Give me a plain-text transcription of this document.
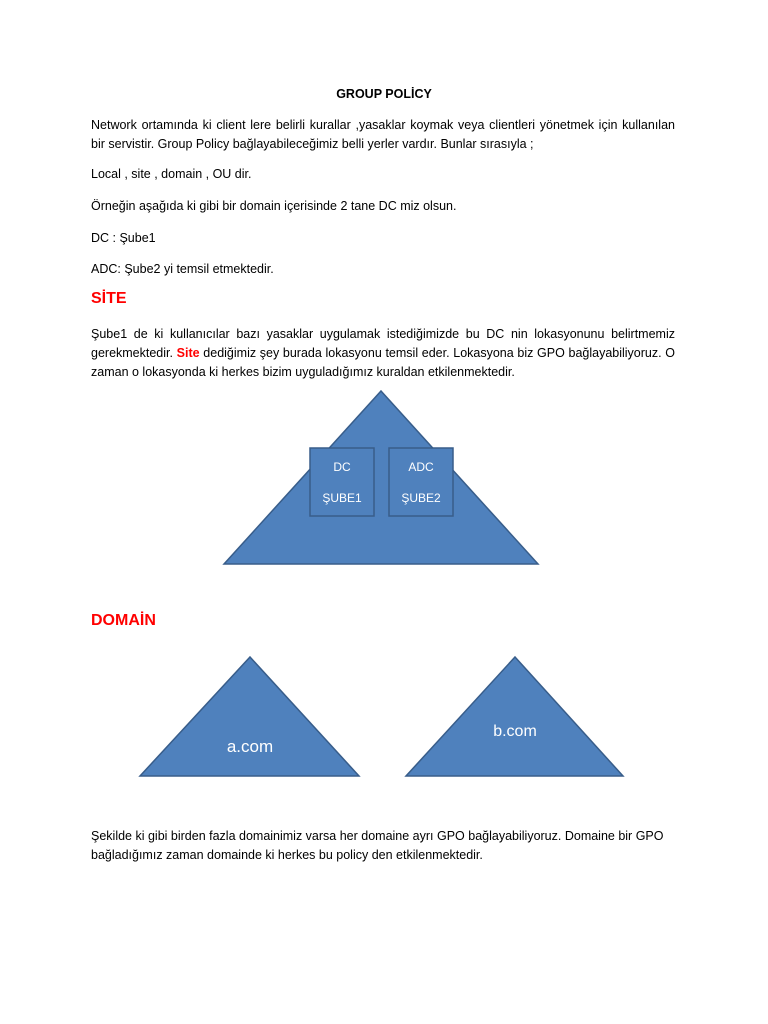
GROUP POLİCY

Network ortamında ki client lere belirli kurallar ,yasaklar koymak veya clientleri yönetmek için kullanılan bir servistir. Group Policy bağlayabileceğimiz belli yerler vardır. Bunlar sırasıyla ;

Local , site , domain , OU dir.

Örneğin aşağıda ki gibi bir domain içerisinde 2 tane DC miz olsun.

DC : Şube1

ADC: Şube2 yi temsil etmektedir.

SİTE

Şube1 de ki kullanıcılar bazı yasaklar uygulamak istediğimizde bu DC nin lokasyonunu belirtmemiz gerekmektedir. Site dediğimiz şey burada lokasyonu temsil eder. Lokasyona biz GPO bağlayabiliyoruz. O zaman o lokasyonda ki herkes bizim uyguladığımız kuraldan etkilenmektedir.

DOMAİN

Şekilde ki gibi birden fazla domainimiz varsa her domaine ayrı GPO bağlayabiliyoruz. Domaine bir GPO bağladığımız zaman domainde ki herkes bu policy den etkilenmektedir.

DC
ŞUBE1
ADC
ŞUBE2
a.com
b.com
